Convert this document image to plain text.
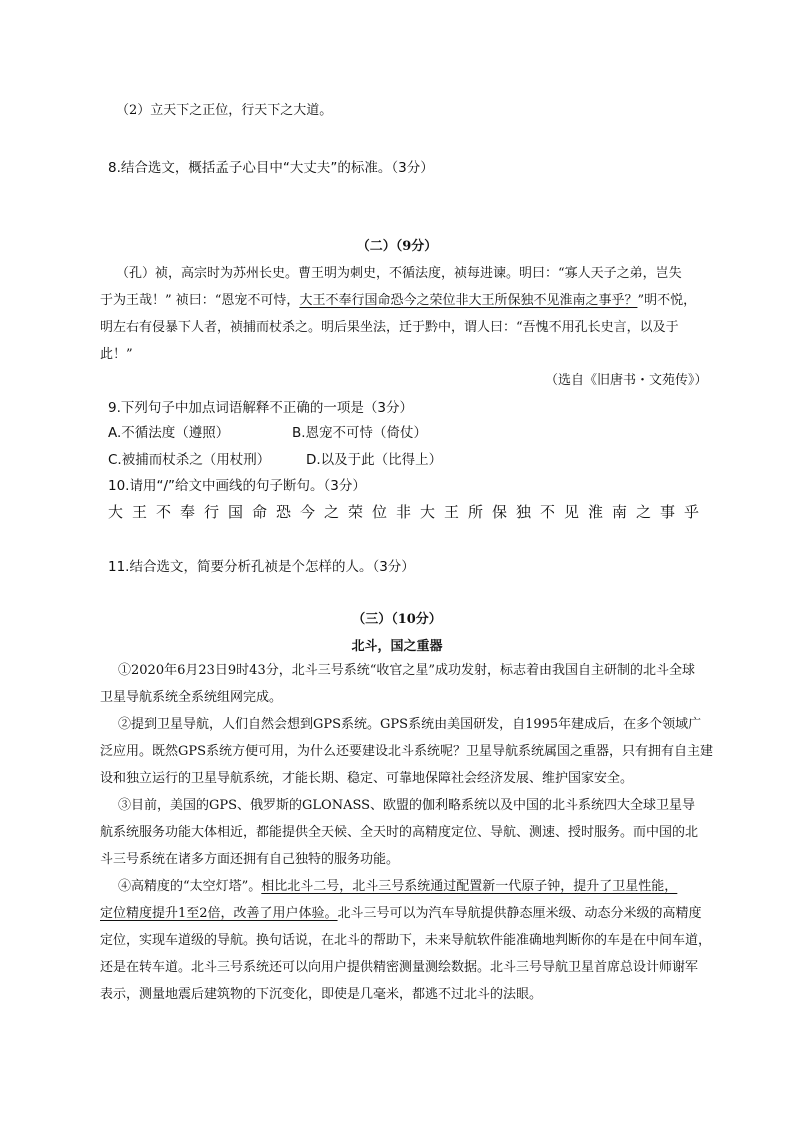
（2）立天下之正位，行天下之大道。
8.结合选文，概括孟子心目中“大丈夫”的标准。（3分）
（二）（9分）
（孔）祯，高宗时为苏州长史。曹王明为刺史，不循法度，祯每进谏。明曰：“寡人天子之弟，岂失
于为王哉！” 祯曰：“恩宠不可恃，大王不奉行国命恐今之荣位非大王所保独不见淮南之事乎？”明不悦，
明左右有侵暴下人者，祯捕而杖杀之。明后果坐法，迁于黔中，谓人曰：“吾愧不用孔长史言，以及于
此！”
（选自《旧唐书・文苑传》）
9.下列句子中加点词语解释不正确的一项是（3分）
A.不循法度（遵照）	B.恩宠不可恃（倚仗）
C.被捕而杖杀之（用杖刑）	D.以及于此（比得上）
10.请用“/”给文中画线的句子断句。（3分）
大王不奉行国命恐今之荣位非大王所保独不见淮南之事乎
11.结合选文，简要分析孔祯是个怎样的人。（3分）
（三）（10分）
北斗，国之重器
①2020年6月23日9时43分，北斗三号系统“收官之星”成功发射，标志着由我国自主研制的北斗全球
卫星导航系统全系统组网完成。
②提到卫星导航，人们自然会想到GPS系统。GPS系统由美国研发，自1995年建成后，在多个领域广
泛应用。既然GPS系统方便可用，为什么还要建设北斗系统呢？卫星导航系统属国之重器，只有拥有自主建
设和独立运行的卫星导航系统，才能长期、稳定、可靠地保障社会经济发展、维护国家安全。
③目前，美国的GPS、俄罗斯的GLONASS、欧盟的伽利略系统以及中国的北斗系统四大全球卫星导
航系统服务功能大体相近，都能提供全天候、全天时的高精度定位、导航、测速、授时服务。而中国的北
斗三号系统在诸多方面还拥有自己独特的服务功能。
④高精度的“太空灯塔”。相比北斗二号，北斗三号系统通过配置新一代原子钟，提升了卫星性能，
定位精度提升1至2倍，改善了用户体验。北斗三号可以为汽车导航提供静态厘米级、动态分米级的高精度
定位，实现车道级的导航。换句话说，在北斗的帮助下，未来导航软件能准确地判断你的车是在中间车道，
还是在转车道。北斗三号系统还可以向用户提供精密测量测绘数据。北斗三号导航卫星首席总设计师谢军
表示，测量地震后建筑物的下沉变化，即使是几毫米，都逃不过北斗的法眼。
